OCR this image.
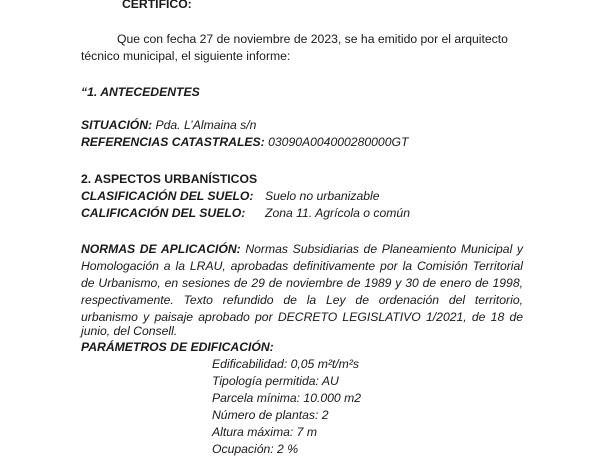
CERTIFICO:
Que con fecha 27 de noviembre de 2023, se ha emitido por el arquitecto
técnico municipal, el siguiente informe:
“1. ANTECEDENTES
SITUACIÓN: Pda. L’Almaina s/n
REFERENCIAS CATASTRALES: 03090A004000280000GT
2. ASPECTOS URBANÍSTICOS
CLASIFICACIÓN DEL SUELO: Suelo no urbanizable
CALIFICACIÓN DEL SUELO: Zona 11. Agrícola o común
NORMAS DE APLICACIÓN: Normas Subsidiarias de Planeamiento Municipal y
Homologación a la LRAU, aprobadas definitivamente por la Comisión Territorial
de Urbanismo, en sesiones de 29 de noviembre de 1989 y 30 de enero de 1998,
respectivamente. Texto refundido de la Ley de ordenación del territorio,
urbanismo y paisaje aprobado por DECRETO LEGISLATIVO 1/2021, de 18 de
junio, del Consell.
PARÁMETROS DE EDIFICACIÓN:
Edificabilidad: 0,05 m²t/m²s
Tipología permitida: AU
Parcela mínima: 10.000 m2
Número de plantas: 2
Altura máxima: 7 m
Ocupación: 2 %
